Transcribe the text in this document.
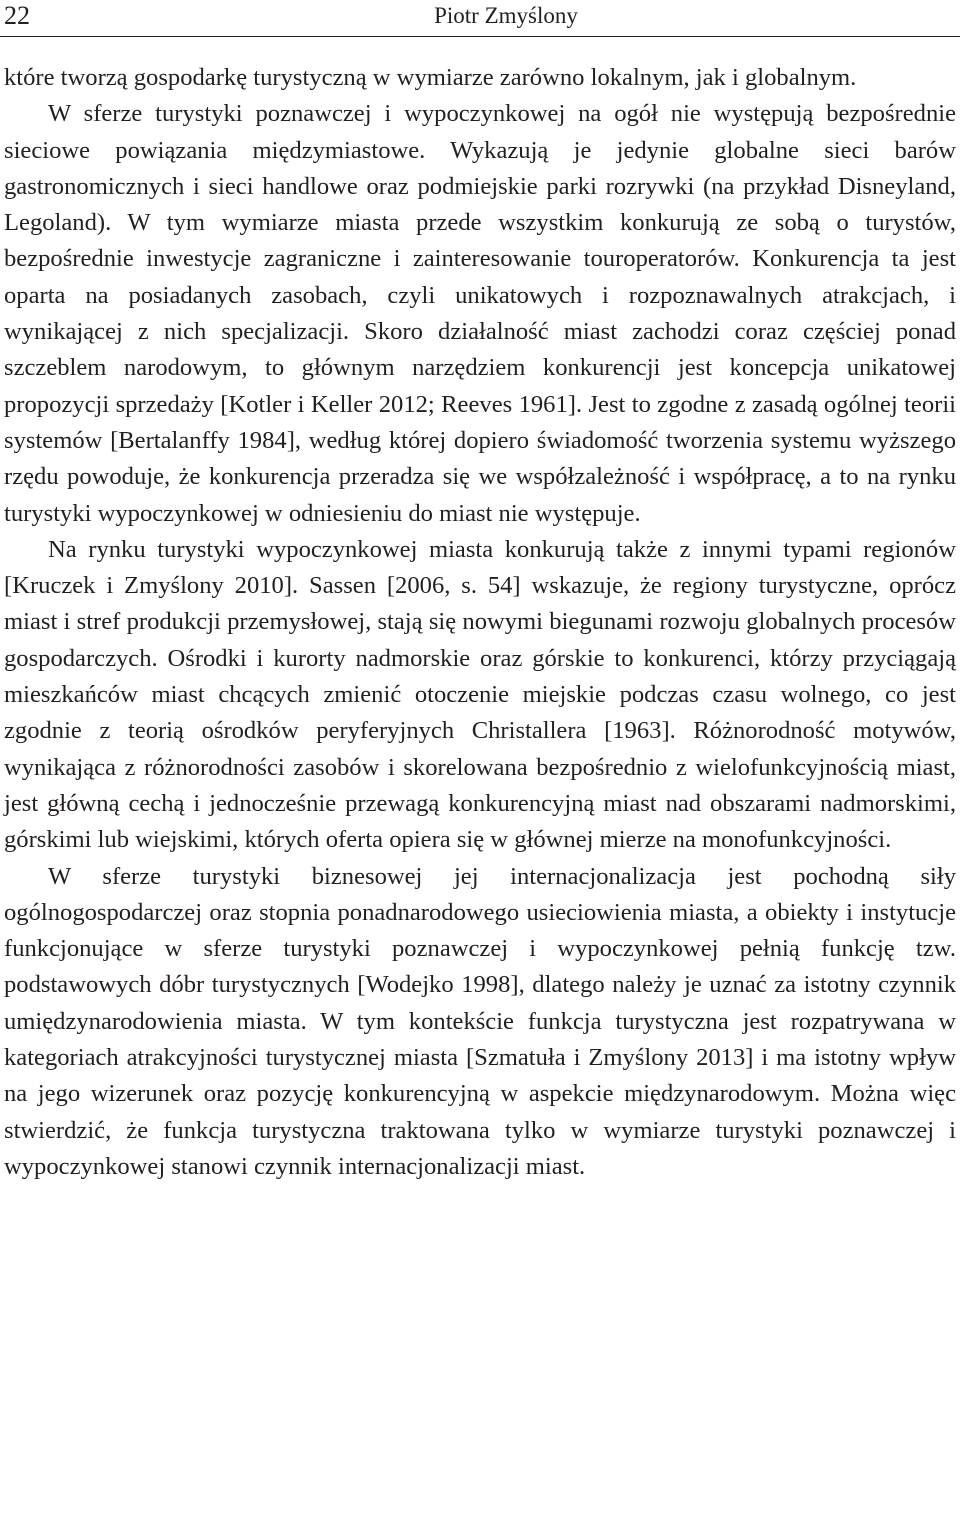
22	Piotr Zmyślony

które tworzą gospodarkę turystyczną w wymiarze zarówno lokalnym, jak i globalnym.

W sferze turystyki poznawczej i wypoczynkowej na ogół nie występują bezpośrednie sieciowe powiązania międzymiastowe. Wykazują je jedynie globalne sieci barów gastronomicznych i sieci handlowe oraz podmiejskie parki rozrywki (na przykład Disneyland, Legoland). W tym wymiarze miasta przede wszystkim konkurują ze sobą o turystów, bezpośrednie inwestycje zagraniczne i zainteresowanie touroperatorów. Konkurencja ta jest oparta na posiadanych zasobach, czyli unikatowych i rozpoznawalnych atrakcjach, i wynikającej z nich specjalizacji. Skoro działalność miast zachodzi coraz częściej ponad szczeblem narodowym, to głównym narzędziem konkurencji jest koncepcja unikatowej propozycji sprzedaży [Kotler i Keller 2012; Reeves 1961]. Jest to zgodne z zasadą ogólnej teorii systemów [Bertalanffy 1984], według której dopiero świadomość tworzenia systemu wyższego rzędu powoduje, że konkurencja przeradza się we współzależność i współpracę, a to na rynku turystyki wypoczynkowej w odniesieniu do miast nie występuje.

Na rynku turystyki wypoczynkowej miasta konkurują także z innymi typami regionów [Kruczek i Zmyślony 2010]. Sassen [2006, s. 54] wskazuje, że regiony turystyczne, oprócz miast i stref produkcji przemysłowej, stają się nowymi biegunami rozwoju globalnych procesów gospodarczych. Ośrodki i kurorty nadmorskie oraz górskie to konkurenci, którzy przyciągają mieszkańców miast chcących zmienić otoczenie miejskie podczas czasu wolnego, co jest zgodnie z teorią ośrodków peryferyjnych Christallera [1963]. Różnorodność motywów, wynikająca z różnorodności zasobów i skorelowana bezpośrednio z wielofunkcyjnością miast, jest główną cechą i jednocześnie przewagą konkurencyjną miast nad obszarami nadmorskimi, górskimi lub wiejskimi, których oferta opiera się w głównej mierze na monofunkcyjności.

W sferze turystyki biznesowej jej internacjonalizacja jest pochodną siły ogólnogospodarczej oraz stopnia ponadnarodowego usieciowienia miasta, a obiekty i instytucje funkcjonujące w sferze turystyki poznawczej i wypoczynkowej pełnią funkcję tzw. podstawowych dóbr turystycznych [Wodejko 1998], dlatego należy je uznać za istotny czynnik umiędzynarodowienia miasta. W tym kontekście funkcja turystyczna jest rozpatrywana w kategoriach atrakcyjności turystycznej miasta [Szmatuła i Zmyślony 2013] i ma istotny wpływ na jego wizerunek oraz pozycję konkurencyjną w aspekcie międzynarodowym. Można więc stwierdzić, że funkcja turystyczna traktowana tylko w wymiarze turystyki poznawczej i wypoczynkowej stanowi czynnik internacjonalizacji miast.
